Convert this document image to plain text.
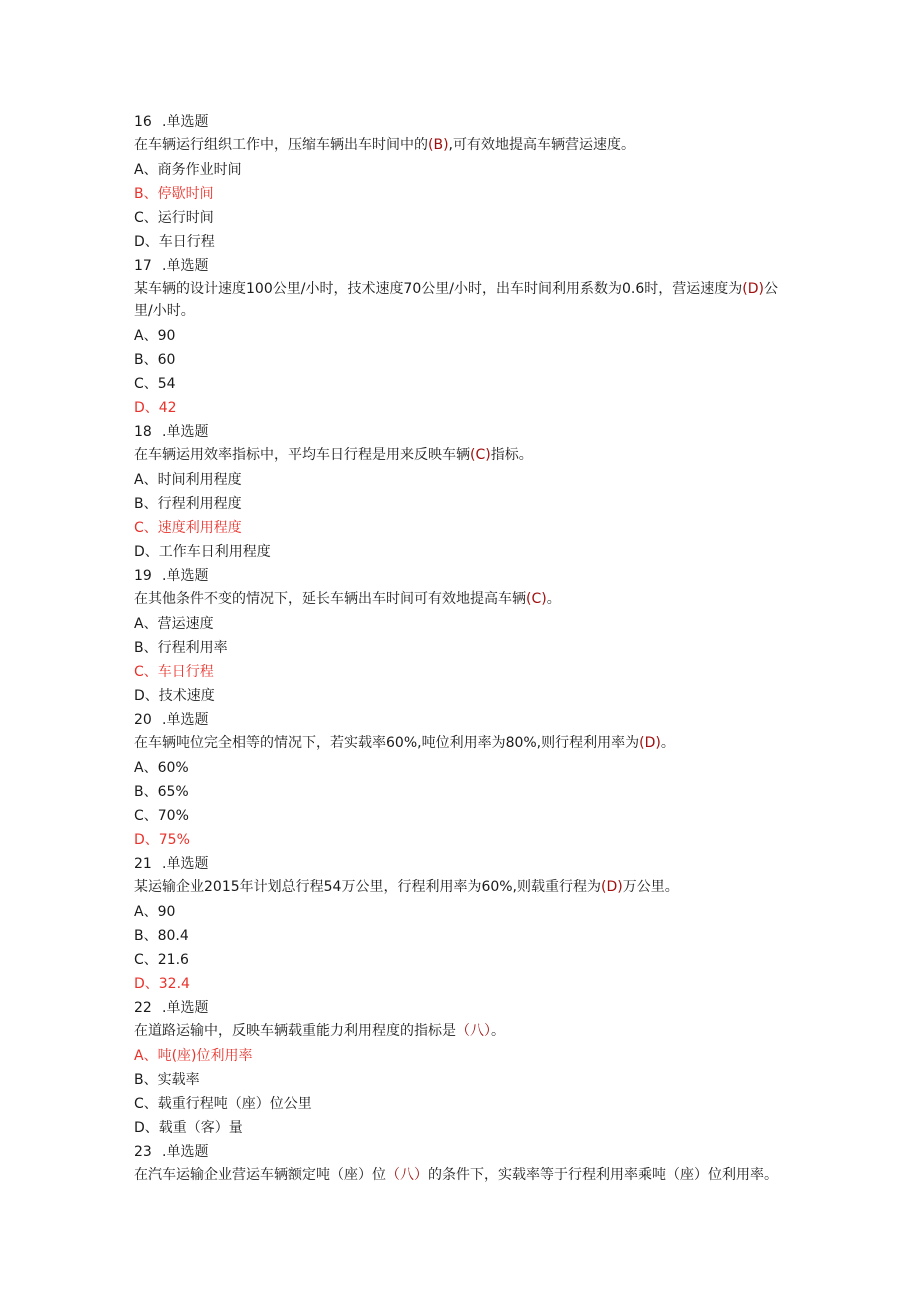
16 .单选题
在车辆运行组织工作中，压缩车辆出车时间中的(B),可有效地提高车辆营运速度。
A、商务作业时间
B、停歇时间
C、运行时间
D、车日行程
17 .单选题
某车辆的设计速度100公里/小时，技术速度70公里/小时，出车时间利用系数为0.6时，营运速度为(D)公里/小时。
A、90
B、60
C、54
D、42
18 .单选题
在车辆运用效率指标中，平均车日行程是用来反映车辆(C)指标。
A、时间利用程度
B、行程利用程度
C、速度利用程度
D、工作车日利用程度
19 .单选题
在其他条件不变的情况下，延长车辆出车时间可有效地提高车辆(C)。
A、营运速度
B、行程利用率
C、车日行程
D、技术速度
20 .单选题
在车辆吨位完全相等的情况下，若实载率60%,吨位利用率为80%,则行程利用率为(D)。
A、60%
B、65%
C、70%
D、75%
21 .单选题
某运输企业2015年计划总行程54万公里，行程利用率为60%,则载重行程为(D)万公里。
A、90
B、80.4
C、21.6
D、32.4
22 .单选题
在道路运输中，反映车辆载重能力利用程度的指标是（八）。
A、吨(座)位利用率
B、实载率
C、载重行程吨（座）位公里
D、载重（客）量
23 .单选题
在汽车运输企业营运车辆额定吨（座）位（八）的条件下，实载率等于行程利用率乘吨（座）位利用率。
